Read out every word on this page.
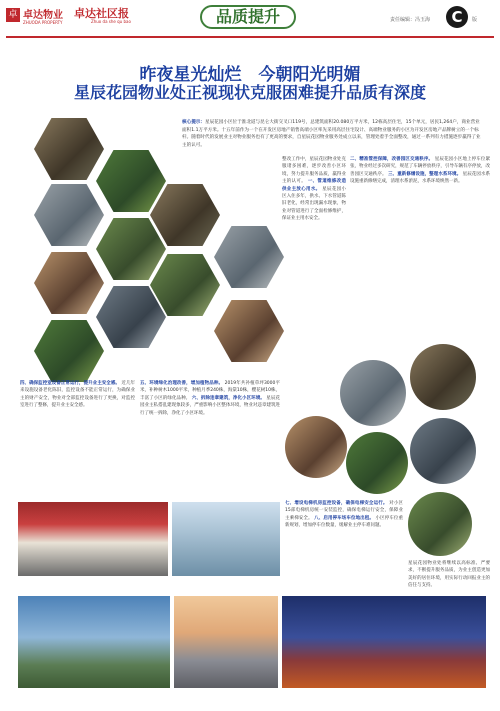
卓 卓达物业
ZHUODA PROPERTY
卓达社区报
Zhuo da she qu bao	品质提升	责任编辑：冯玉海	C	版
昨夜星光灿烂　今朝阳光明媚
星辰花园物业处正视现状克服困难提升品质有深度
核心提示：星辰花园小区位于淮北道与昆仑大街交叉口119号，总建筑面积20.080万平方米，12栋高层住宅，15个单元，居民1,264户，商业营业面积1.1万平方米。十五年前作为一个在开发区房地产销售高端小区率先采用高层住宅设计、高端物业服务的小区为开发区房地产品牌树立的一个标杆。随着时代的发展业主对物业服务也有了更高的要求，自星辰花园物业服务处成立以来，管理处着手全面整改，通过一系列有力措施逐步赢得了业主的认可。
整改工作中，星辰花园物业处克服诸多困难，逐步改善小区环境，努力提升服务品质，赢得业主的认可。 一、管道维修改造供业主放心用水。 星辰花园小区入住多年，供水、下水管道陈旧老化，经常出现漏水现象，物业对管道进行了全面检修维护，保证业主用水安全。
二、精准管控保障，改善园区交通秩序。 星辰花园小区地上停车位紧张，物业经过多次研究，规范了车辆停放秩序，引导车辆有序停放，改善园区交通秩序。 三、重新修缮设施，整理水系环境。 星辰花园水系设施重新修缮完成，清理水系淤泥，水系环境焕然一新。
四、确保监控室设备正常运行，提升业主安全感。 近几年来设施设备老化陈旧，监控设备不能正常运行，为确保业主的财产安全，物业对全部监控设备进行了更换，对监控室进行了整修，提升业主安全感。
五、环境绿化治理改善，增加植物品种。 2019年共补植草坪3000平米，补种树木1000平米，种植月季240株，海棠10株，樱花树10株，丰富了小区的绿化品种。 六、拆除违章建筑，净化小区环境。 星辰花园业主私搭乱建现象较多，严重影响小区整体环境，物业对违章建筑进行了统一拆除，净化了小区环境。
七、增设电梯机房监控设备，确保电梯安全运行。 对小区15部电梯机房统一安装监控，确保电梯运行安全，保障业主乘梯安全。 八、启用停车场车位地出租。 小区停车位重新规划，增加停车位数量，缓解业主停车难问题。
星辰花园物业处将继续以高标准、严要求，不断提升服务品质，为业主创造更加美好的居住环境，用实际行动回报业主的信任与支持。
